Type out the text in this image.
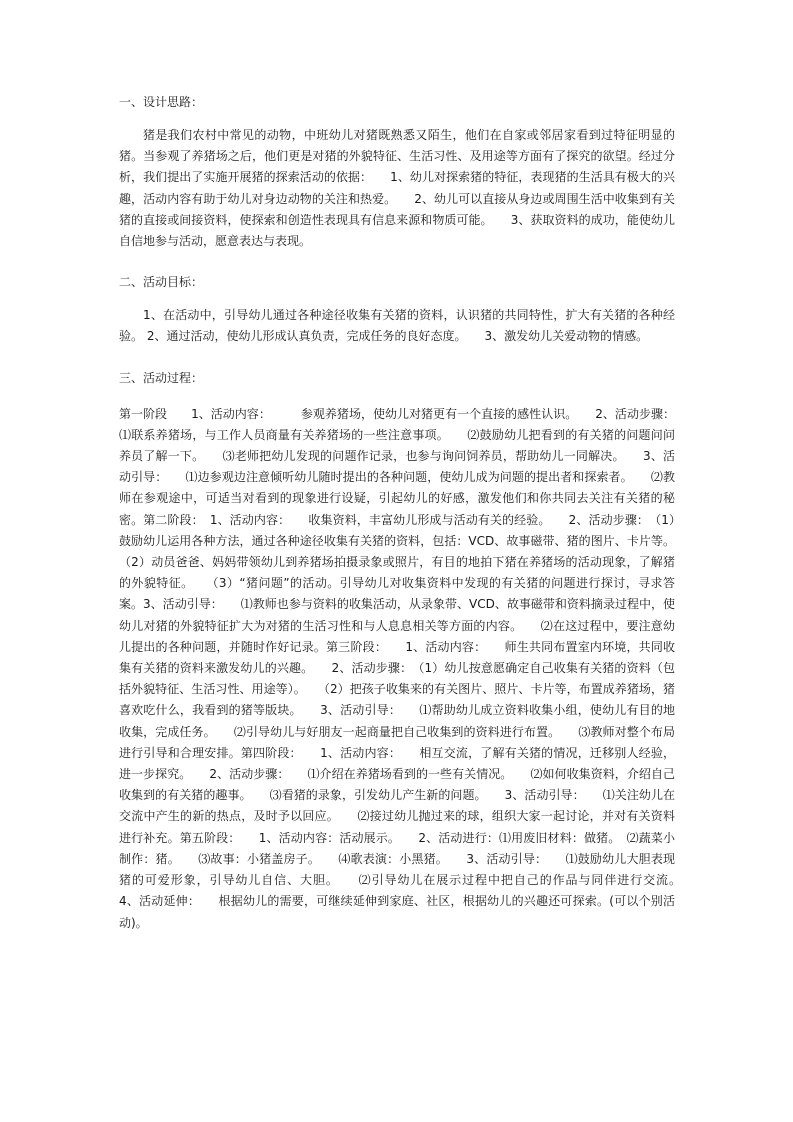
一、设计思路：

猪是我们农村中常见的动物，中班幼儿对猪既熟悉又陌生，他们在自家或邻居家看到过特征明显的猪。当参观了养猪场之后，他们更是对猪的外貌特征、生活习性、及用途等方面有了探究的欲望。经过分析，我们提出了实施开展猪的探索活动的依据：　　1、幼儿对探索猪的特征，表现猪的生活具有极大的兴趣，活动内容有助于幼儿对身边动物的关注和热爱。　　2、幼儿可以直接从身边或周围生活中收集到有关猪的直接或间接资料，使探索和创造性表现具有信息来源和物质可能。　　3、获取资料的成功，能使幼儿自信地参与活动，愿意表达与表现。

二、活动目标：

1、在活动中，引导幼儿通过各种途径收集有关猪的资料，认识猪的共同特性，扩大有关猪的各种经验。 2、通过活动，使幼儿形成认真负责，完成任务的良好态度。　　3、激发幼儿关爱动物的情感。

三、活动过程：

第一阶段　　1、活动内容：　　　参观养猪场，使幼儿对猪更有一个直接的感性认识。　　2、活动步骤：⑴联系养猪场，与工作人员商量有关养猪场的一些注意事项。　　⑵鼓励幼儿把看到的有关猪的问题问问养员了解一下。　　⑶老师把幼儿发现的问题作记录，也参与询问饲养员，帮助幼儿一同解决。　　3、活动引导：　　⑴边参观边注意倾听幼儿随时提出的各种问题，使幼儿成为问题的提出者和探索者。　　⑵教师在参观途中，可适当对看到的现象进行设疑，引起幼儿的好感，激发他们和你共同去关注有关猪的秘密。第二阶段：　1、活动内容：　　收集资料，丰富幼儿形成与活动有关的经验。　　2、活动步骤：　（1）鼓励幼儿运用各种方法，通过各种途径收集有关猪的资料，包括：VCD、故事磁带、猪的图片、卡片等。（2）动员爸爸、妈妈带领幼儿到养猪场拍摄录象或照片，有目的地拍下猪在养猪场的活动现象，了解猪的外貌特征。　　（3）“猪问题”的活动。引导幼儿对收集资料中发现的有关猪的问题进行探讨，寻求答案。3、活动引导：　　⑴教师也参与资料的收集活动，从录象带、VCD、故事磁带和资料摘录过程中，使幼儿对猪的外貌特征扩大为对猪的生活习性和与人息息相关等方面的内容。　　⑵在这过程中，要注意幼儿提出的各种问题，并随时作好记录。第三阶段：　　1、活动内容：　　师生共同布置室内环境，共同收集有关猪的资料来激发幼儿的兴趣。　　2、活动步骤：　（1）幼儿按意愿确定自己收集有关猪的资料（包括外貌特征、生活习性、用途等）。　　（2）把孩子收集来的有关图片、照片、卡片等，布置成养猪场，猪喜欢吃什么，我看到的猪等版块。　　3、活动引导：　　⑴帮助幼儿成立资料收集小组，使幼儿有目的地收集，完成任务。　　⑵引导幼儿与好朋友一起商量把自己收集到的资料进行布置。　　⑶教师对整个布局进行引导和合理安排。第四阶段：　　1、活动内容：　　相互交流，了解有关猪的情况，迁移别人经验，进一步探究。　　2、活动步骤：　　⑴介绍在养猪场看到的一些有关情况。　　⑵如何收集资料，介绍自己收集到的有关猪的趣事。　　⑶看猪的录象，引发幼儿产生新的问题。　　3、活动引导：　　⑴关注幼儿在交流中产生的新的热点，及时予以回应。　　⑵接过幼儿抛过来的球，组织大家一起讨论，并对有关资料进行补充。第五阶段：　　1、活动内容：活动展示。　　2、活动进行：⑴用废旧材料：做猪。　⑵蔬菜小制作：猪。　　⑶故事：小猪盖房子。　　⑷歌表演：小黑猪。　　3、活动引导：　　⑴鼓励幼儿大胆表现猪的可爱形象，引导幼儿自信、大胆。　　⑵引导幼儿在展示过程中把自己的作品与同伴进行交流。　　4、活动延伸：　　根据幼儿的需要，可继续延伸到家庭、社区，根据幼儿的兴趣还可探索。(可以个别活动)。
